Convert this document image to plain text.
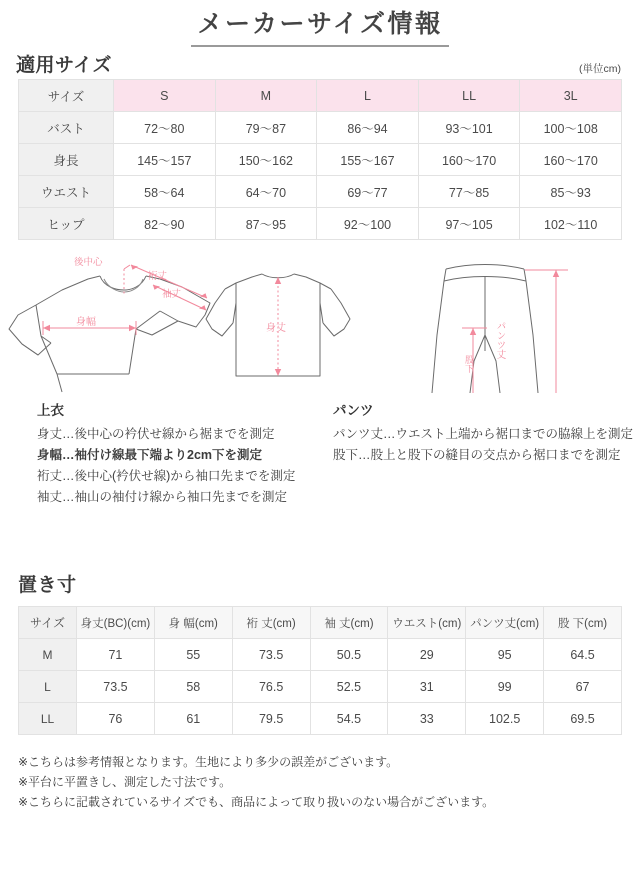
メーカーサイズ情報
適用サイズ	(単位cm)
サイズ	S	M	L	LL	3L
バスト	72〜80	79〜87	86〜94	93〜101	100〜108
身長	145〜157	150〜162	155〜167	160〜170	160〜170
ウエスト	58〜64	64〜70	69〜77	77〜85	85〜93
ヒップ	82〜90	87〜95	92〜100	97〜105	102〜110
後中心
裄丈
袖丈
身幅
身丈	パンツ丈
股下
上衣

身丈…後中心の衿伏せ線から裾までを測定

身幅…袖付け線最下端より2cm下を測定

裄丈…後中心(衿伏せ線)から袖口先までを測定

袖丈…袖山の袖付け線から袖口先までを測定

パンツ

パンツ丈…ウエスト上端から裾口までの脇線上を測定

股下…股上と股下の縫目の交点から裾口までを測定

置き寸
サイズ	身丈(BC)(cm)	身 幅(cm)	裄 丈(cm)	袖 丈(cm)	ウエスト(cm)	パンツ丈(cm)	股 下(cm)
M	71	55	73.5	50.5	29	95	64.5
L	73.5	58	76.5	52.5	31	99	67
LL	76	61	79.5	54.5	33	102.5	69.5

※こちらは参考情報となります。生地により多少の誤差がございます。

※平台に平置きし、測定した寸法です。

※こちらに記載されているサイズでも、商品によって取り扱いのない場合がございます。
